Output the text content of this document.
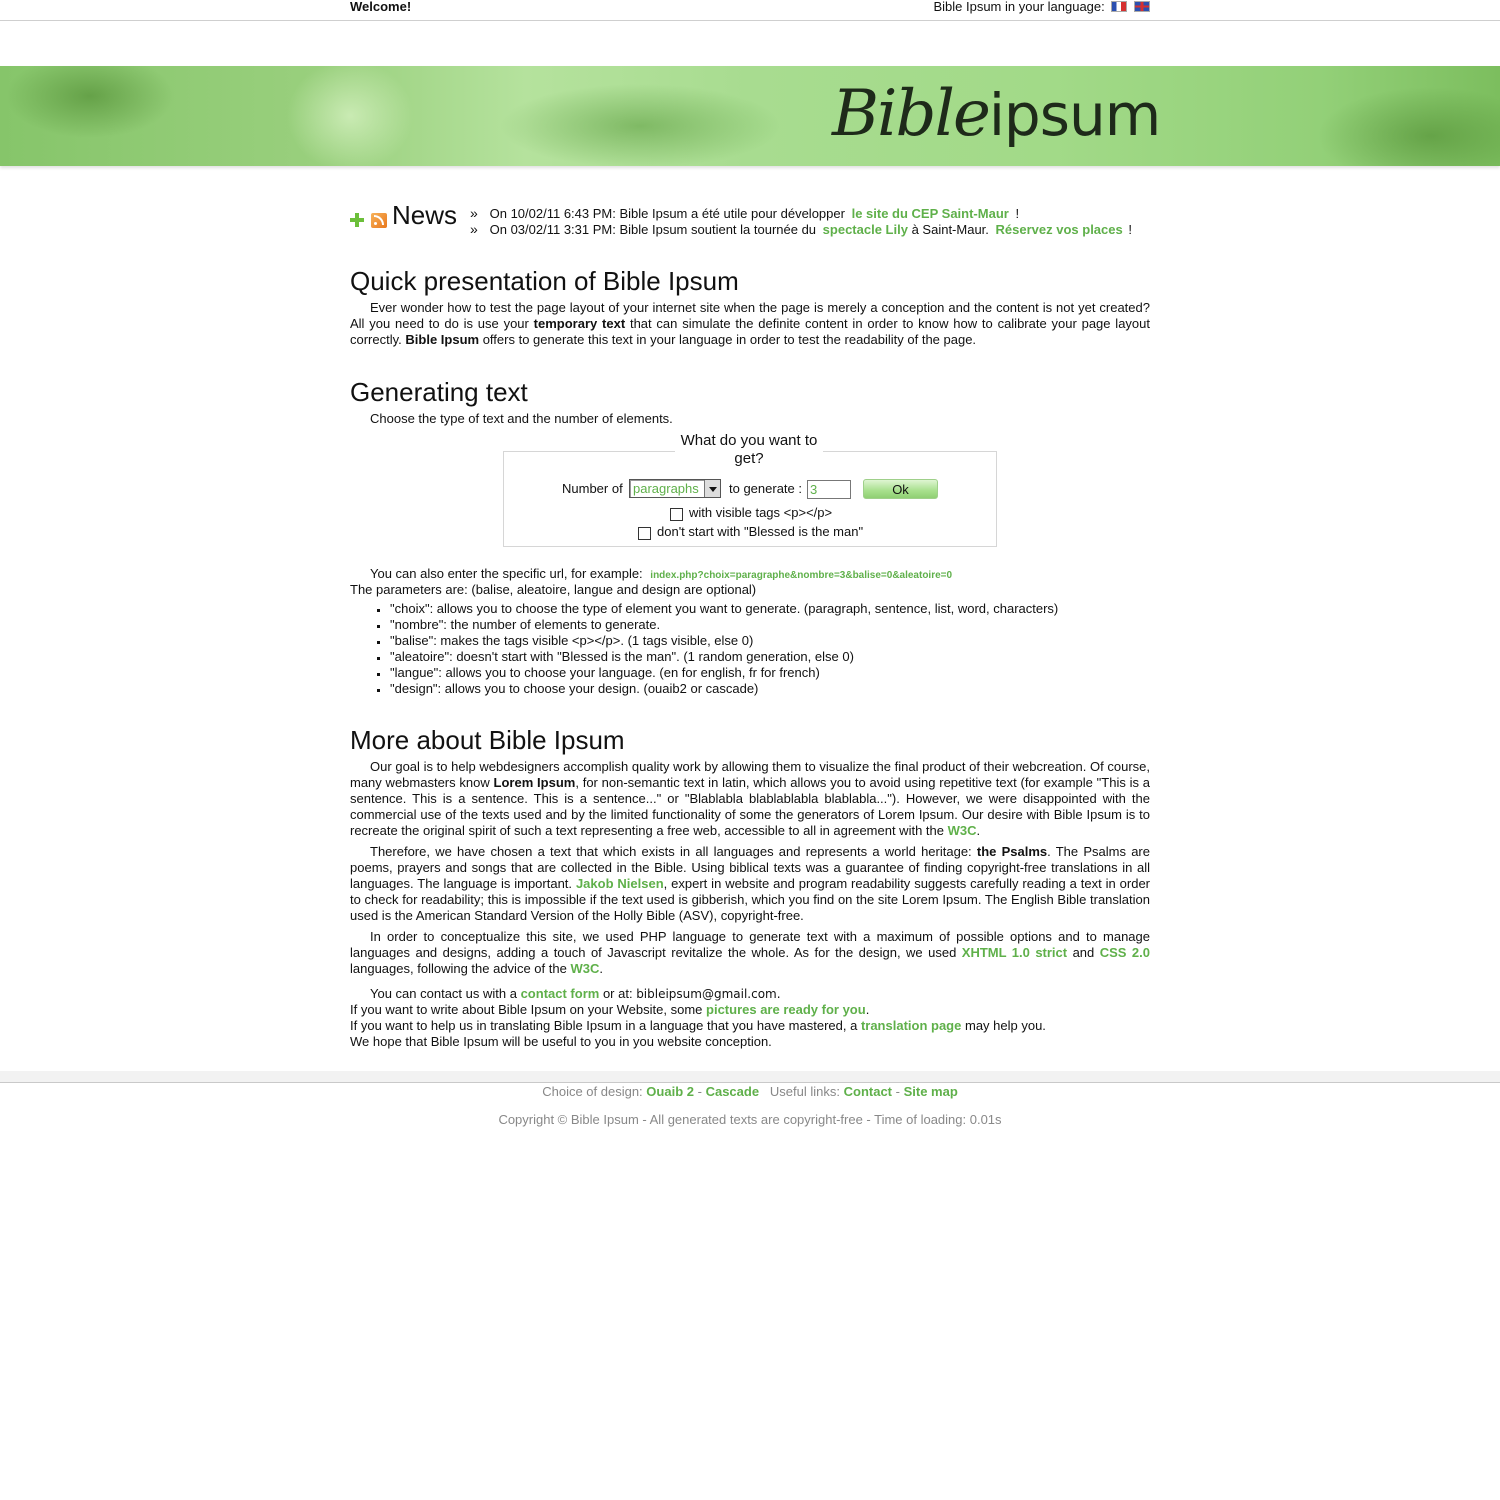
Welcome!	Bible Ipsum in your language:
Bibleipsum
News » On 10/02/11 6:43 PM: Bible Ipsum a été utile pour développer le site du CEP Saint-Maur !
» On 03/02/11 3:31 PM: Bible Ipsum soutient la tournée du spectacle Lily à Saint-Maur. Réservez vos places !
Quick presentation of Bible Ipsum

Ever wonder how to test the page layout of your internet site when the page is merely a conception and the content is not yet created? All you need to do is use your temporary text that can simulate the definite content in order to know how to calibrate your page layout correctly. Bible Ipsum offers to generate this text in your language in order to test the readability of the page.

Generating text

Choose the type of text and the number of elements.

What do you want to get?
Number of paragraphs to generate :
3	Ok
with visible tags <p></p>
don't start with "Blessed is the man"

You can also enter the specific url, for example: index.php?choix=paragraphe&nombre=3&balise=0&aleatoire=0

The parameters are: (balise, aleatoire, langue and design are optional)

"choix": allows you to choose the type of element you want to generate. (paragraph, sentence, list, word, characters)
"nombre": the number of elements to generate.
"balise": makes the tags visible <p></p>. (1 tags visible, else 0)
"aleatoire": doesn't start with "Blessed is the man". (1 random generation, else 0)
"langue": allows you to choose your language. (en for english, fr for french)
"design": allows you to choose your design. (ouaib2 or cascade)
More about Bible Ipsum

Our goal is to help webdesigners accomplish quality work by allowing them to visualize the final product of their webcreation. Of course, many webmasters know Lorem Ipsum, for non-semantic text in latin, which allows you to avoid using repetitive text (for example "This is a sentence. This is a sentence. This is a sentence..." or "Blablabla blablablabla blablabla..."). However, we were disappointed with the commercial use of the texts used and by the limited functionality of some the generators of Lorem Ipsum. Our desire with Bible Ipsum is to recreate the original spirit of such a text representing a free web, accessible to all in agreement with the W3C.

Therefore, we have chosen a text that which exists in all languages and represents a world heritage: the Psalms. The Psalms are poems, prayers and songs that are collected in the Bible. Using biblical texts was a guarantee of finding copyright-free translations in all languages. The language is important. Jakob Nielsen, expert in website and program readability suggests carefully reading a text in order to check for readability; this is impossible if the text used is gibberish, which you find on the site Lorem Ipsum. The English Bible translation used is the American Standard Version of the Holly Bible (ASV), copyright-free.

In order to conceptualize this site, we used PHP language to generate text with a maximum of possible options and to manage languages and designs, adding a touch of Javascript revitalize the whole. As for the design, we used XHTML 1.0 strict and CSS 2.0 languages, following the advice of the W3C.

You can contact us with a contact form or at: bibleipsum@gmail.com.

If you want to write about Bible Ipsum on your Website, some pictures are ready for you.

If you want to help us in translating Bible Ipsum in a language that you have mastered, a translation page may help you.

We hope that Bible Ipsum will be useful to you in you website conception.

Choice of design: Ouaib 2 - Cascade Useful links: Contact - Site map
Copyright © Bible Ipsum - All generated texts are copyright-free - Time of loading: 0.01s
